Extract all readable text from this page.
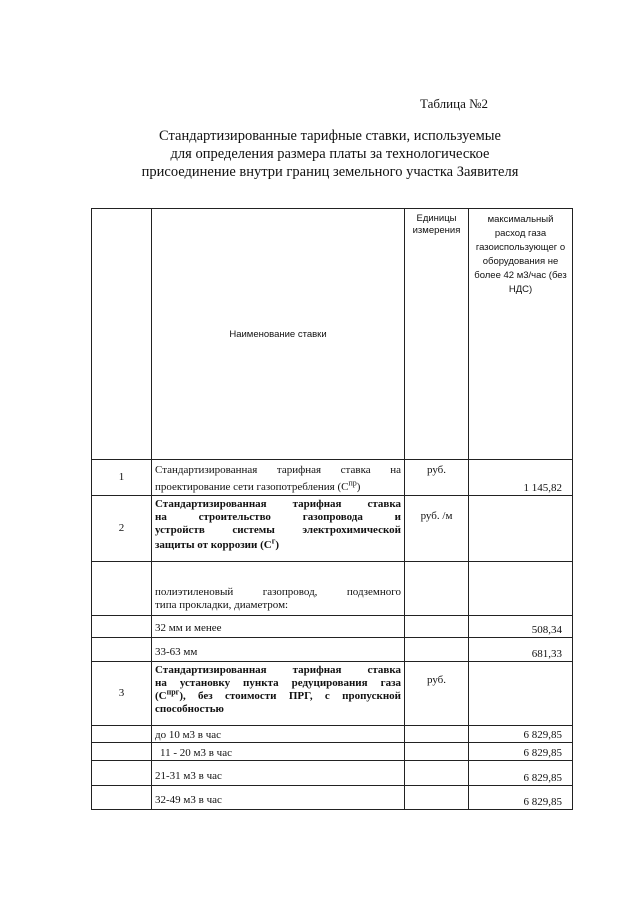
Таблица №2
Стандартизированные тарифные ставки, используемые
для определения размера платы за технологическое
присоединение внутри границ земельного участка Заявителя
	Наименование ставки	Единицы измерения	максимальный расход газа газоиспользующег о оборудования не более 42 м3/час (без НДС)
1	Стандартизированная тарифная ставка на
проектирование сети газопотребления $(С^{пр})$	руб.	1 145,82
2	Стандартизированная тарифная ставка
на строительство газопровода и
устройств системы электрохимической
защиты от коррозии $(С^г)$	руб. /м	

	полиэтиленовый газопровод, подземного
типа прокладки, диаметром:		

	32 мм и менее		508,34
	33-63 мм		681,33
3	Стандартизированная тарифная ставка
на установку пункта редуцирования газа
$(С^{прг})$, без стоимости ПРГ, с пропускной
способностью	руб.	
	до 10 м3 в час		6 829,85
	11 - 20 м3 в час		6 829,85
	21-31 м3 в час		6 829,85
	32-49 м3 в час		6 829,85
